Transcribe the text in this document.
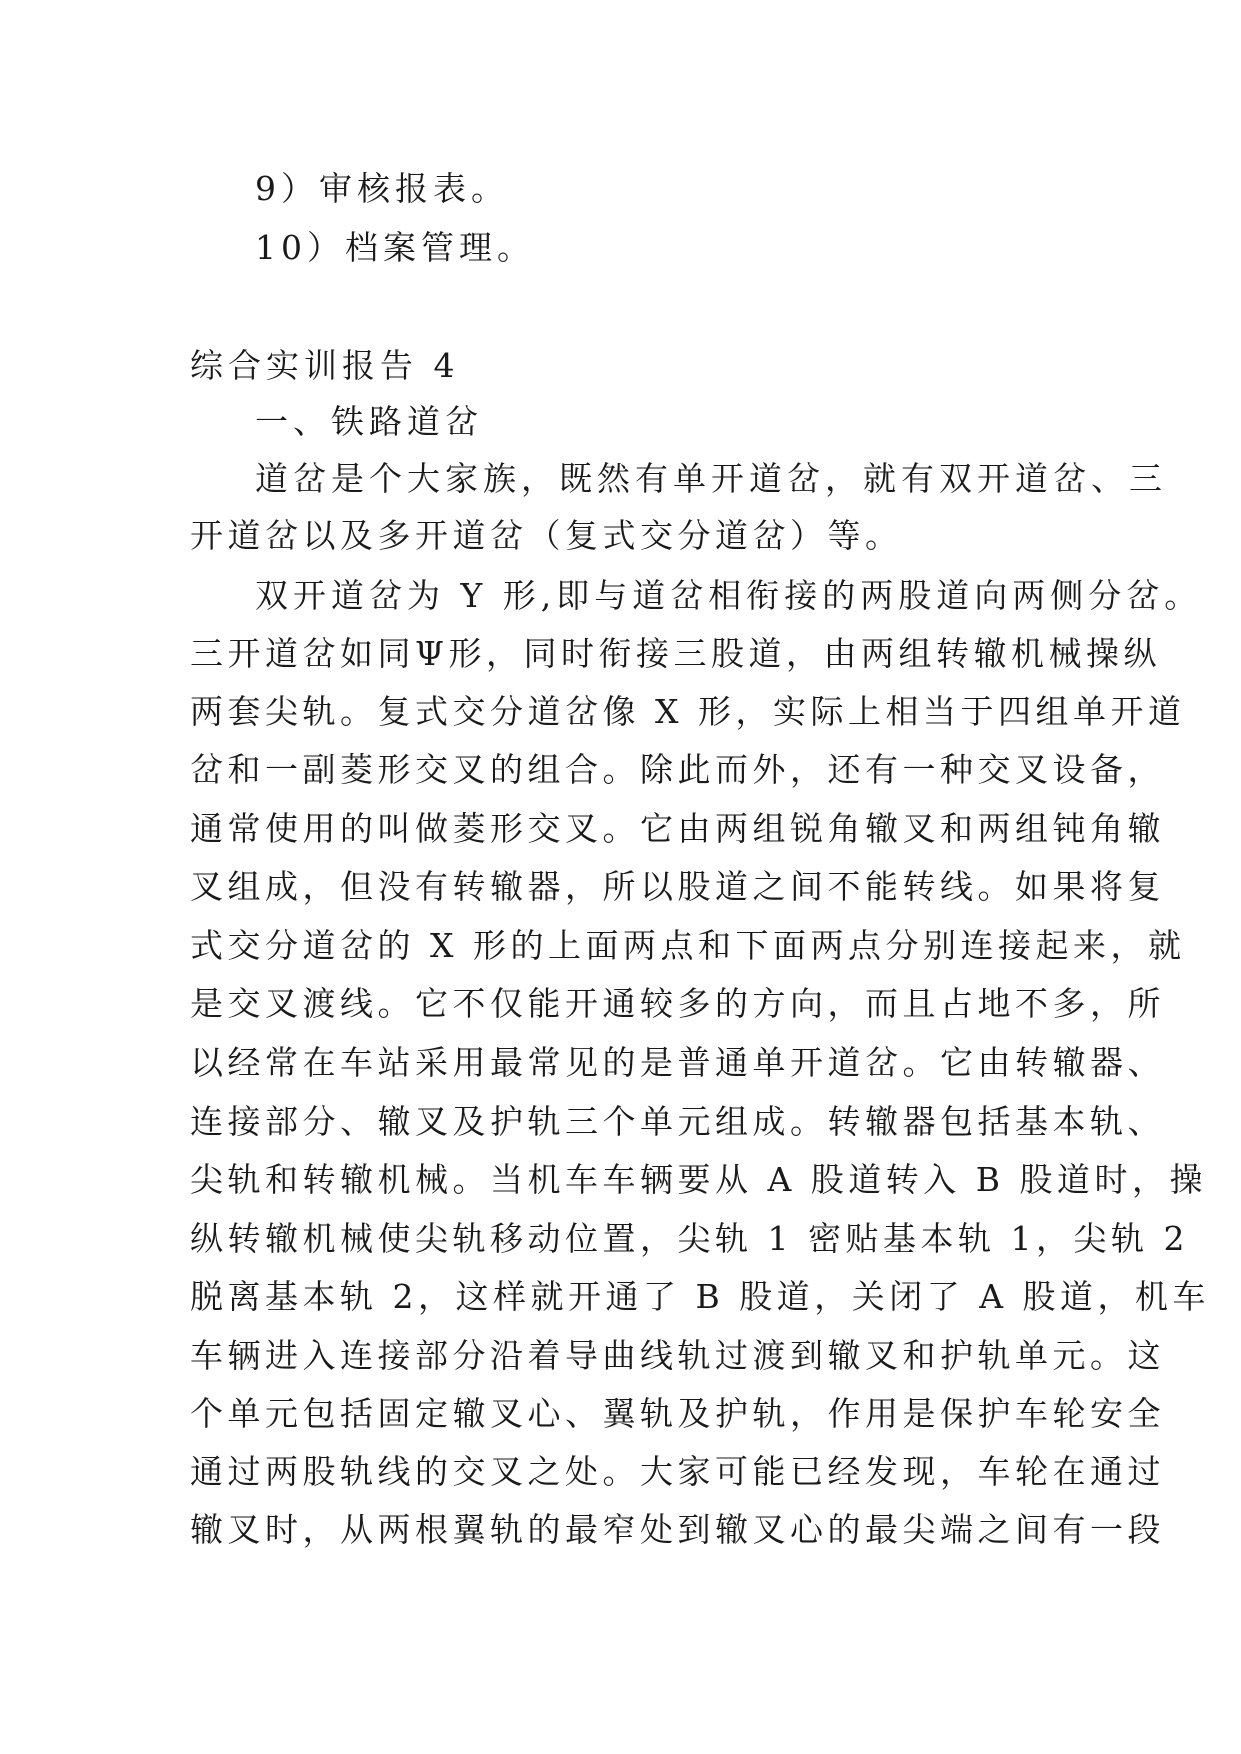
9）审核报表。
10）档案管理。
综合实训报告 4
一、铁路道岔
道岔是个大家族，既然有单开道岔，就有双开道岔、三
开道岔以及多开道岔（复式交分道岔）等。
双开道岔为 Y 形,即与道岔相衔接的两股道向两侧分岔。
三开道岔如同Ψ形，同时衔接三股道，由两组转辙机械操纵
两套尖轨。复式交分道岔像 X 形，实际上相当于四组单开道
岔和一副菱形交叉的组合。除此而外，还有一种交叉设备，
通常使用的叫做菱形交叉。它由两组锐角辙叉和两组钝角辙
叉组成，但没有转辙器，所以股道之间不能转线。如果将复
式交分道岔的 X 形的上面两点和下面两点分别连接起来，就
是交叉渡线。它不仅能开通较多的方向，而且占地不多，所
以经常在车站采用最常见的是普通单开道岔。它由转辙器、
连接部分、辙叉及护轨三个单元组成。转辙器包括基本轨、
尖轨和转辙机械。当机车车辆要从 A 股道转入 B 股道时，操
纵转辙机械使尖轨移动位置，尖轨 1 密贴基本轨 1，尖轨 2
脱离基本轨 2，这样就开通了 B 股道，关闭了 A 股道，机车
车辆进入连接部分沿着导曲线轨过渡到辙叉和护轨单元。这
个单元包括固定辙叉心、翼轨及护轨，作用是保护车轮安全
通过两股轨线的交叉之处。大家可能已经发现，车轮在通过
辙叉时，从两根翼轨的最窄处到辙叉心的最尖端之间有一段
